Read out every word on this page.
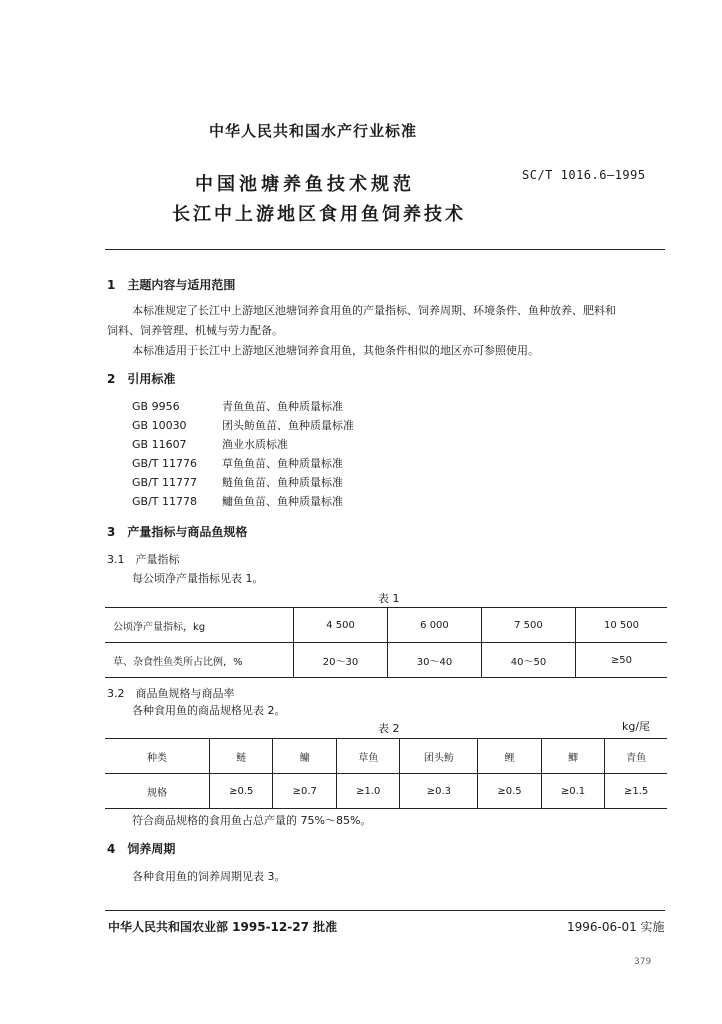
中华人民共和国水产行业标准
中国池塘养鱼技术规范
长江中上游地区食用鱼饲养技术
SC/T 1016.6—1995
1　主题内容与适用范围
本标准规定了长江中上游地区池塘饲养食用鱼的产量指标、饲养周期、环境条件、鱼种放养、肥料和
饲料、饲养管理、机械与劳力配备。
本标准适用于长江中上游地区池塘饲养食用鱼，其他条件相似的地区亦可参照使用。
2　引用标准
GB 9956	青鱼鱼苗、鱼种质量标准
GB 10030	团头鲂鱼苗、鱼种质量标准
GB 11607	渔业水质标准
GB/T 11776 草鱼鱼苗、鱼种质量标准
GB/T 11777 鲢鱼鱼苗、鱼种质量标准
GB/T 11778 鳙鱼鱼苗、鱼种质量标准
3　产量指标与商品鱼规格
3.1　产量指标
每公顷净产量指标见表 1。
表 1
公顷净产量指标，kg	4 500	6 000	7 500	10 500
草、杂食性鱼类所占比例，%	20～30	30～40	40～50	≥50
3.2　商品鱼规格与商品率
各种食用鱼的商品规格见表 2。
表 2	kg/尾
种类	鲢	鳙	草鱼	团头鲂	鲤	鲫	青鱼
规格	≥0.5	≥0.7	≥1.0	≥0.3	≥0.5	≥0.1	≥1.5
符合商品规格的食用鱼占总产量的 75%～85%。
4　饲养周期
各种食用鱼的饲养周期见表 3。
中华人民共和国农业部 1995-12-27 批准	1996-06-01 实施
379
